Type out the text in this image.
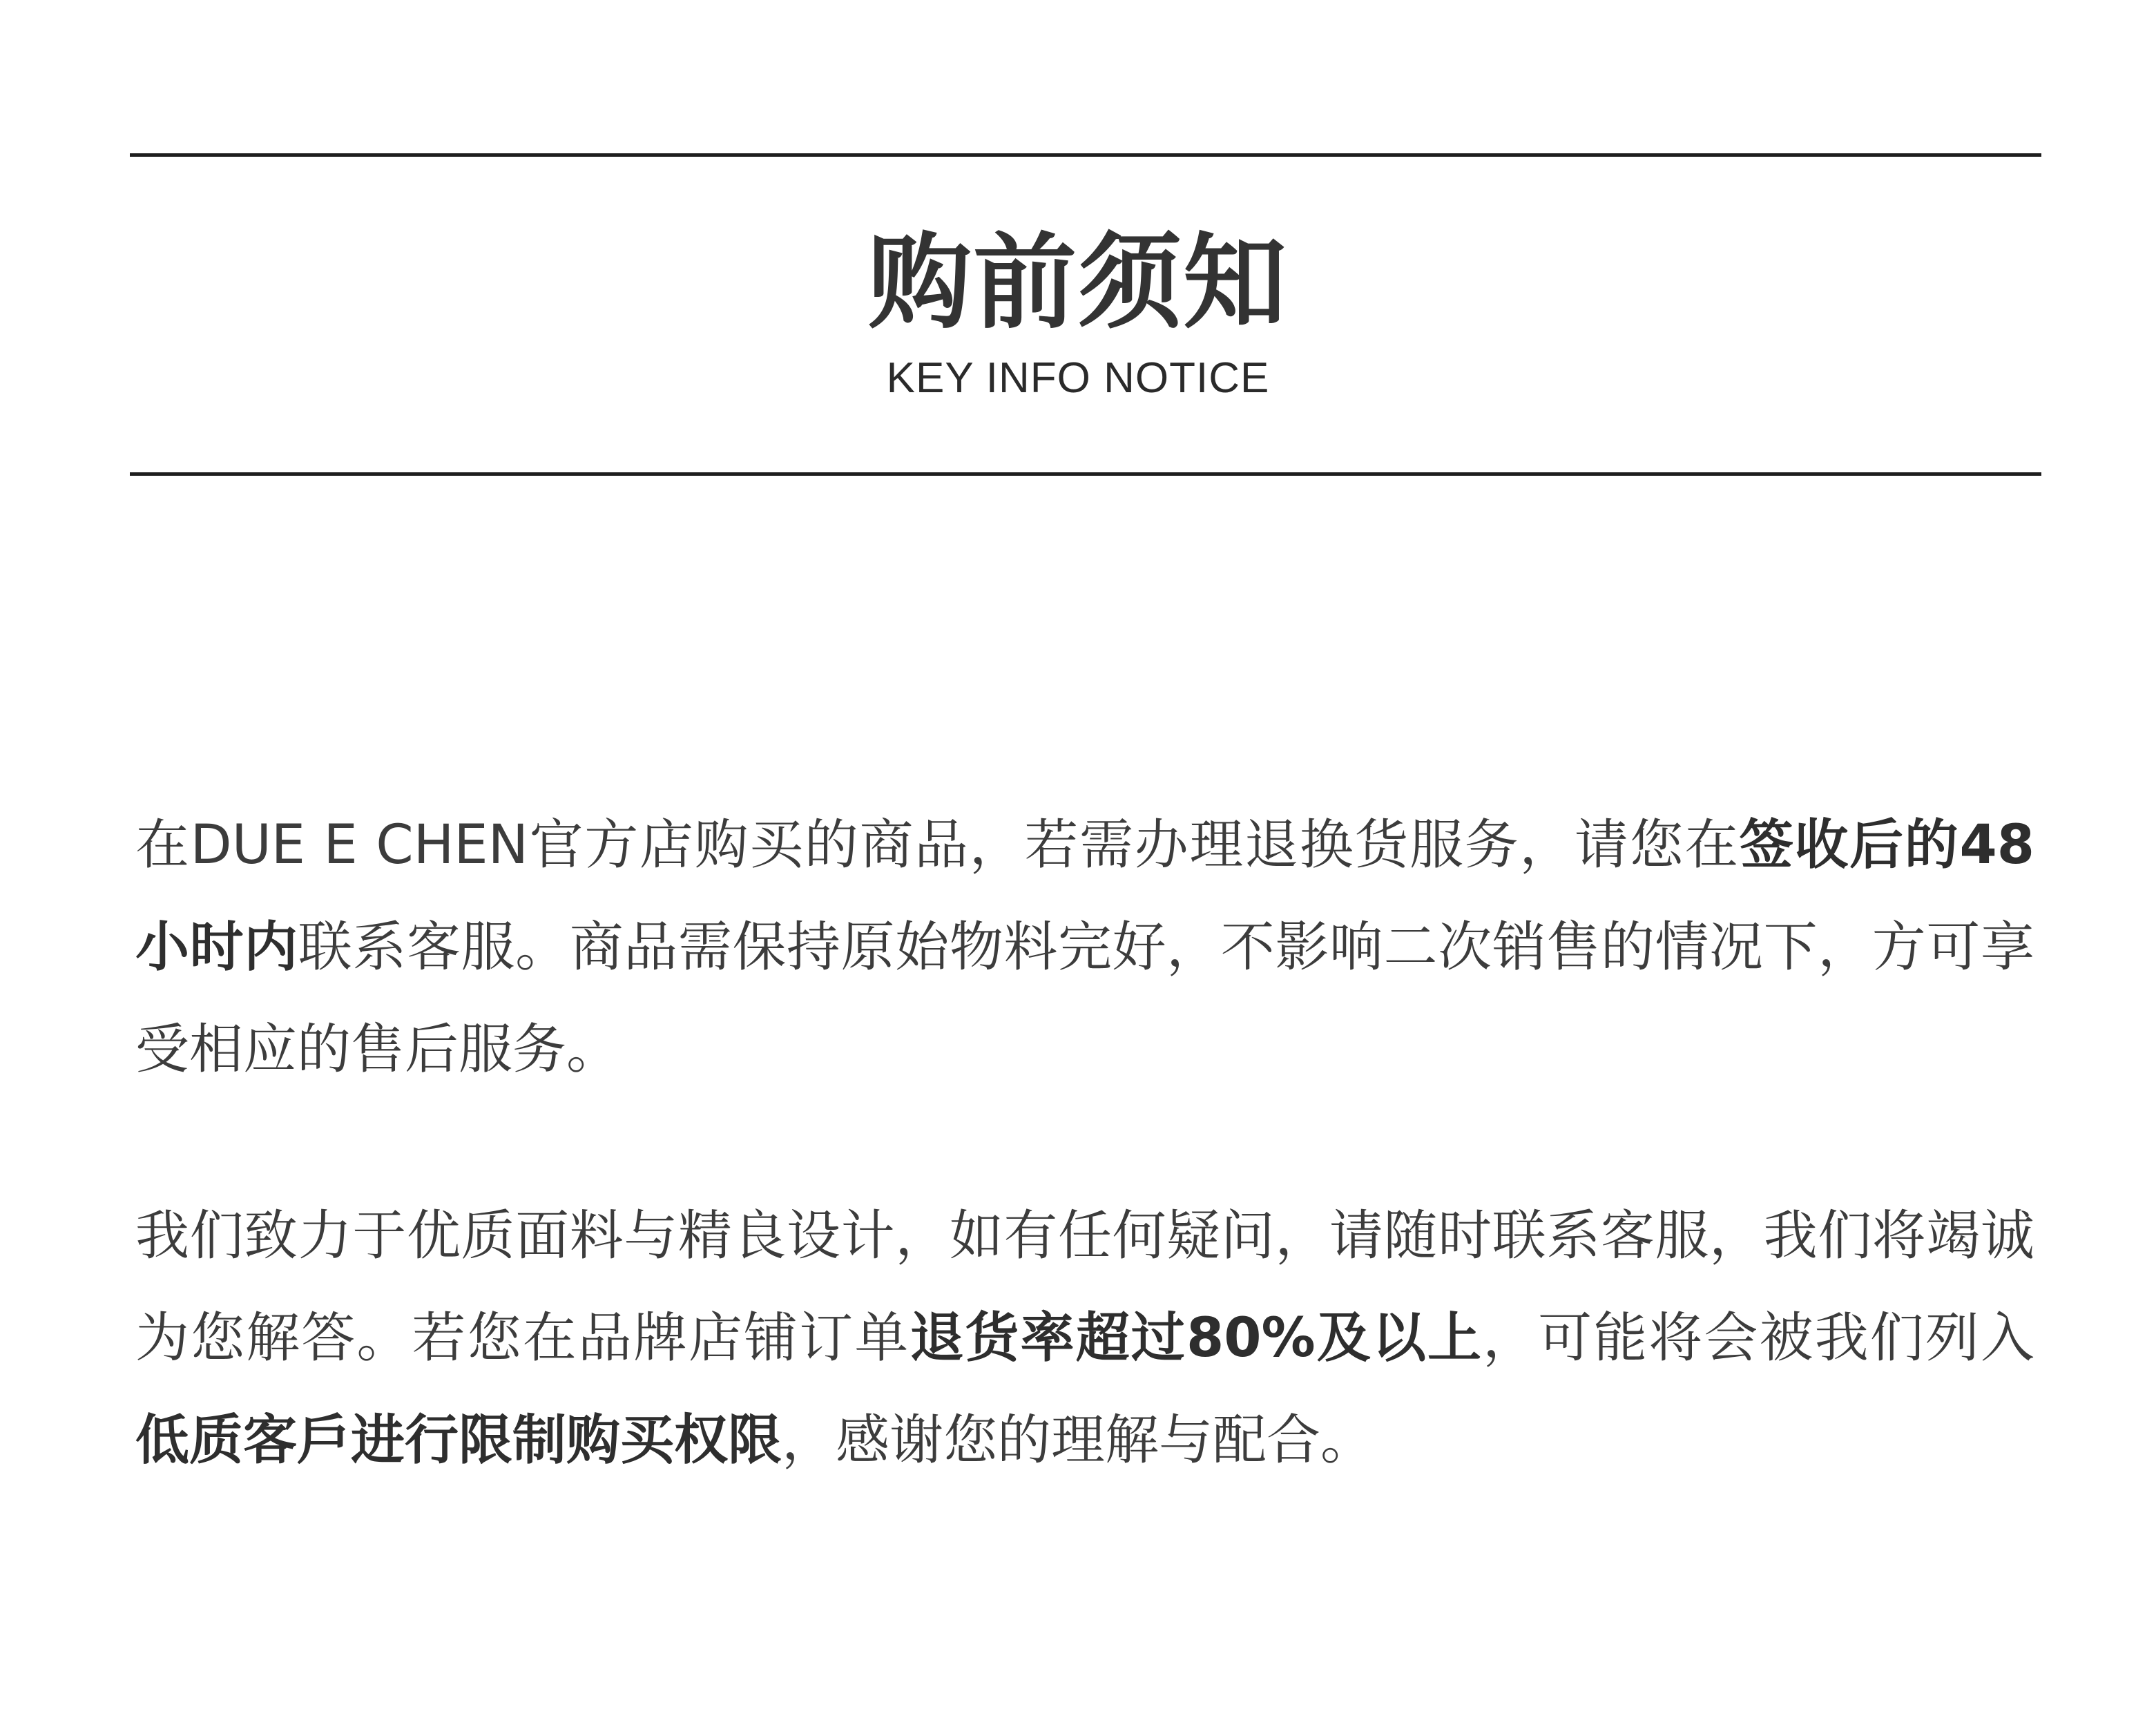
购前须知
KEY INFO NOTICE

在DUE E CHEN官方店购买的商品，若需办理退换货服务，请您在签收后的48小时内联系客服。商品需保持原始物料完好，不影响二次销售的情况下，方可享受相应的售后服务。

我们致力于优质面料与精良设计，如有任何疑问，请随时联系客服，我们将竭诚为您解答。若您在品牌店铺订单退货率超过80%及以上，可能将会被我们列入低质客戶进行限制购买权限，感谢您的理解与配合。
